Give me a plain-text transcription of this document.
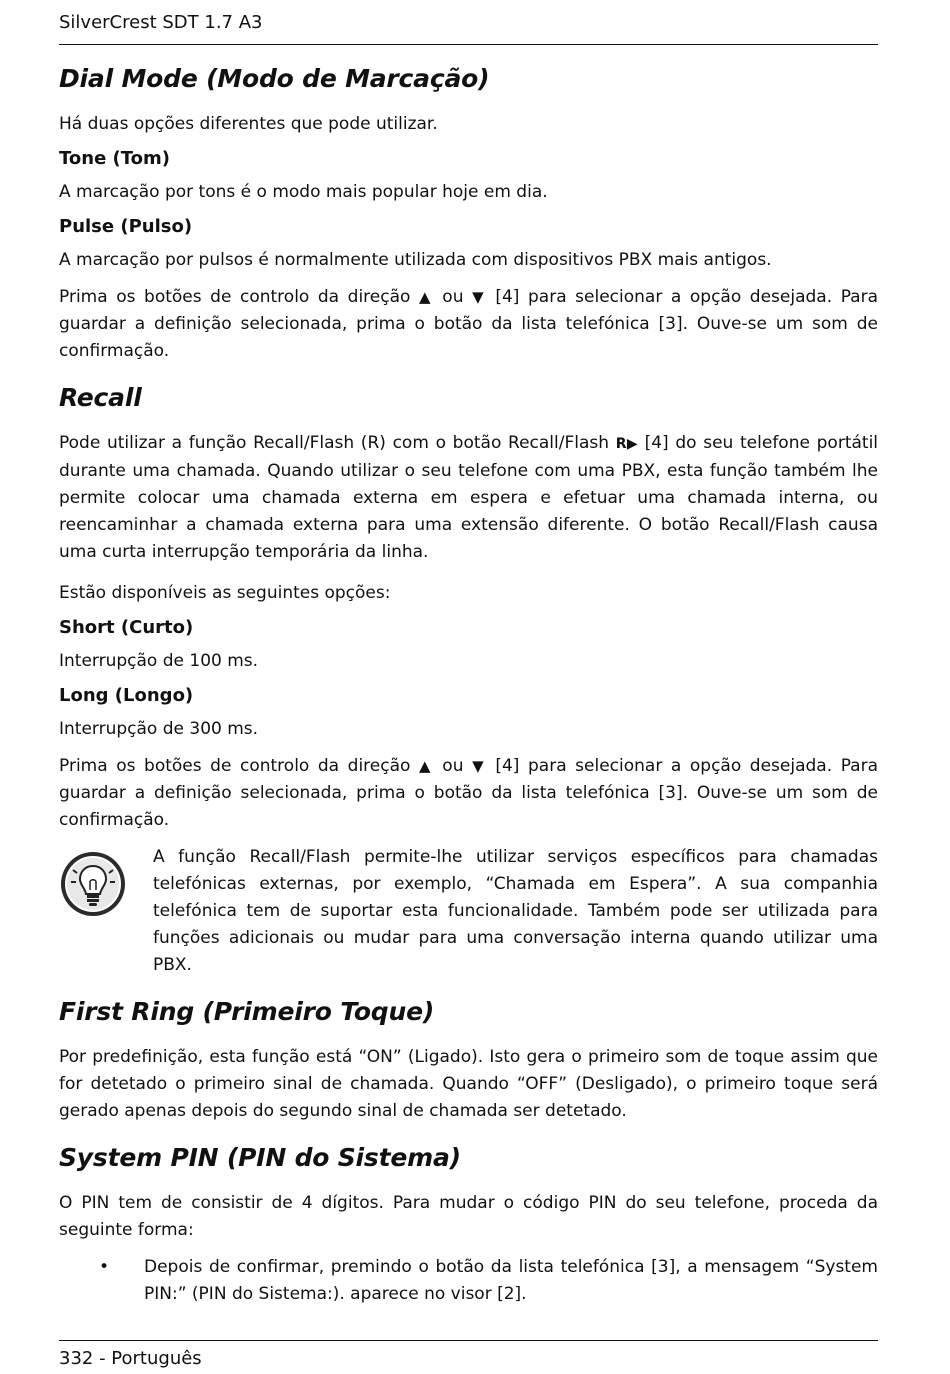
SilverCrest SDT 1.7 A3
Dial Mode (Modo de Marcação)

Há duas opções diferentes que pode utilizar.

Tone (Tom)

A marcação por tons é o modo mais popular hoje em dia.

Pulse (Pulso)

A marcação por pulsos é normalmente utilizada com dispositivos PBX mais antigos.

Prima os botões de controlo da direção ▲ ou ▼ [4] para selecionar a opção desejada. Para guardar a definição selecionada, prima o botão da lista telefónica [3]. Ouve-se um som de confirmação.

Recall

Pode utilizar a função Recall/Flash (R) com o botão Recall/Flash R▶ [4] do seu telefone portátil durante uma chamada. Quando utilizar o seu telefone com uma PBX, esta função também lhe permite colocar uma chamada externa em espera e efetuar uma chamada interna, ou reencaminhar a chamada externa para uma extensão diferente. O botão Recall/Flash causa uma curta interrupção temporária da linha.

Estão disponíveis as seguintes opções:

Short (Curto)

Interrupção de 100 ms.

Long (Longo)

Interrupção de 300 ms.

Prima os botões de controlo da direção ▲ ou ▼ [4] para selecionar a opção desejada. Para guardar a definição selecionada, prima o botão da lista telefónica [3]. Ouve-se um som de confirmação.

A função Recall/Flash permite-lhe utilizar serviços específicos para chamadas telefónicas externas, por exemplo, “Chamada em Espera”. A sua companhia telefónica tem de suportar esta funcionalidade. Também pode ser utilizada para funções adicionais ou mudar para uma conversação interna quando utilizar uma PBX.

First Ring (Primeiro Toque)

Por predefinição, esta função está “ON” (Ligado). Isto gera o primeiro som de toque assim que for detetado o primeiro sinal de chamada. Quando “OFF” (Desligado), o primeiro toque será gerado apenas depois do segundo sinal de chamada ser detetado.

System PIN (PIN do Sistema)

O PIN tem de consistir de 4 dígitos. Para mudar o código PIN do seu telefone, proceda da seguinte forma:

•	Depois de confirmar, premindo o botão da lista telefónica [3], a mensagem “System PIN:” (PIN do Sistema:). aparece no visor [2].

332 - Português
